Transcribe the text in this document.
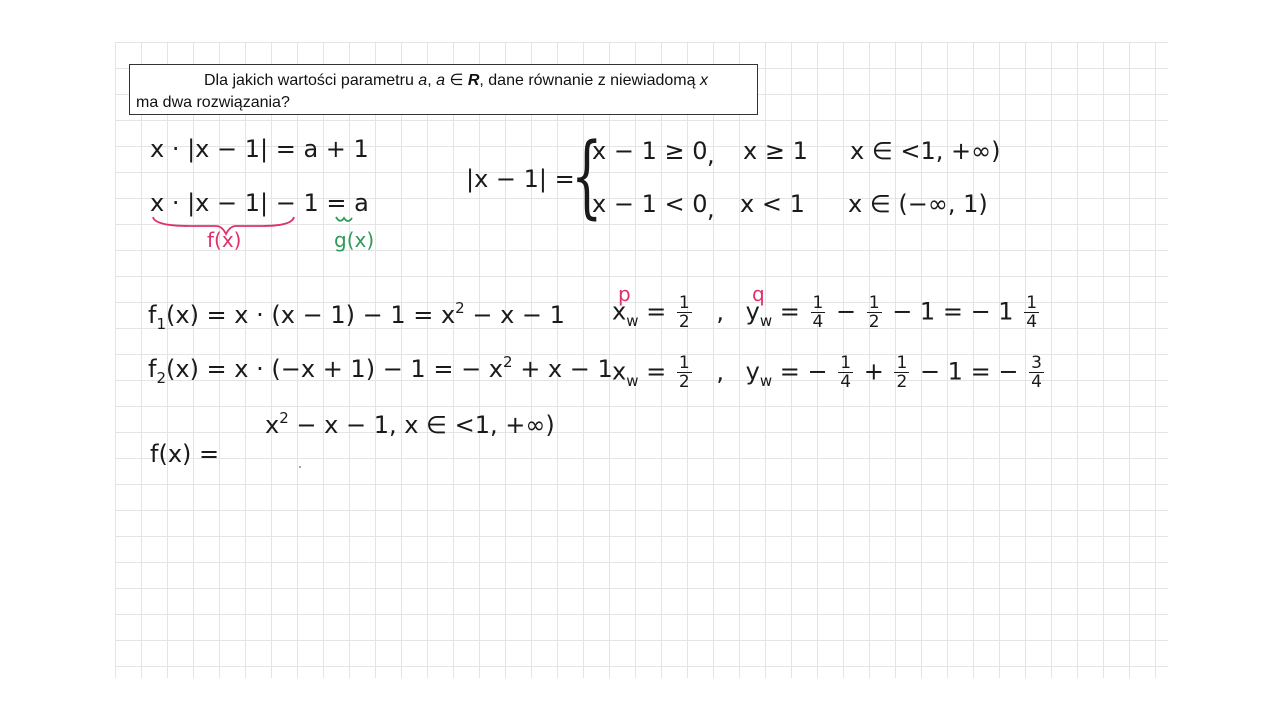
Dla jakich wartości parametru a, a ∈ R, dane równanie z niewiadomą x
ma dwa rozwiązania?
x · |x − 1| = a + 1
x · |x − 1| − 1 = a
f(x)	g(x)
|x − 1| =
{
x − 1 ≥ 0 , x ≥ 1 x ∈ <1, +∞)
x − 1 < 0 , x < 1 x ∈ (−∞, 1)
$f_1(x) = x \cdot (x - 1) - 1 = x^2 - x - 1$
$f_2(x) = x \cdot (-x + 1) - 1$ = − $x^2 + x - 1$
p	q
$x_w = \frac{1}{2}$ , $y_w = \frac{1}{4} - \frac{1}{2} - 1$ = − $1 \frac{1}{4}$
$x_w = \frac{1}{2}$ , $y_w$ = − $\frac{1}{4} + \frac{1}{2} - 1$ = − $\frac{3}{4}$
$x^2 - x - 1$, x ∈ <1, +∞)
f(x) =
